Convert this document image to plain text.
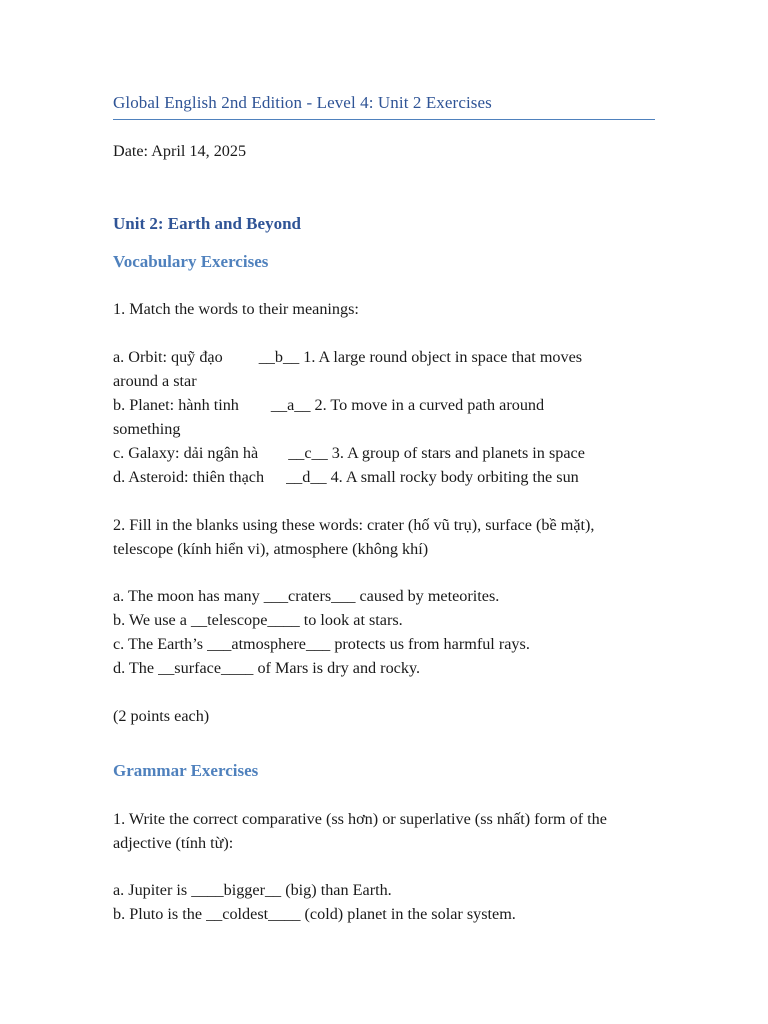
Global English 2nd Edition - Level 4: Unit 2 Exercises
Date: April 14, 2025
Unit 2: Earth and Beyond
Vocabulary Exercises
1. Match the words to their meanings:
a. Orbit: quỹ đạo __b__ 1. A large round object in space that moves
around a star
b. Planet: hành tinh __a__ 2. To move in a curved path around
something
c. Galaxy: dải ngân hà __c__ 3. A group of stars and planets in space
d. Asteroid: thiên thạch __d__ 4. A small rocky body orbiting the sun
2. Fill in the blanks using these words: crater (hố vũ trụ), surface (bề mặt),
telescope (kính hiển vi), atmosphere (không khí)
a. The moon has many ___craters___ caused by meteorites.
b. We use a __telescope____ to look at stars.
c. The Earth’s ___atmosphere___ protects us from harmful rays.
d. The __surface____ of Mars is dry and rocky.
(2 points each)
Grammar Exercises
1. Write the correct comparative (ss hơn) or superlative (ss nhất) form of the
adjective (tính từ):
a. Jupiter is ____bigger__ (big) than Earth.
b. Pluto is the __coldest____ (cold) planet in the solar system.
